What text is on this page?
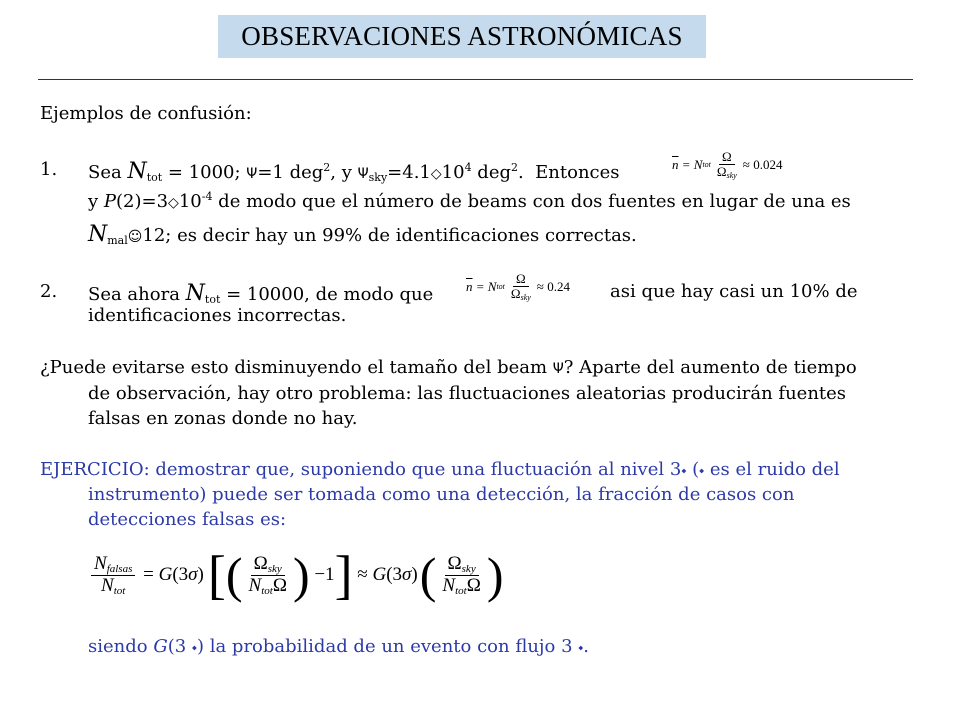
OBSERVACIONES ASTRONÓMICAS
Ejemplos de confusión:
1. Sea $N_{tot} = 1000$; Ψ=1 deg$^2$, y $\Psi_{sky}=4.1◇10^4$ deg$^2$.  Entonces	$\overline{n} = N$ tot $\frac{\Omega}{\Omega_{sky}}$ ≈
0.024
y $P(2)=3◇10^{-4}$ de modo que el número de beams con dos fuentes en lugar de una es
$N_{mal}☺12$; es decir hay un 99% de identificaciones correctas.
2. Sea ahora $N_{tot} = 10000$, de modo que	$\overline{n} = N$ tot $\frac{\Omega}{\Omega_{sky}}$ ≈
0.24 asi que hay casi un 10% de
identificaciones incorrectas.
¿Puede evitarse esto disminuyendo el tamaño del beam Ψ? Aparte del aumento de tiempo
de observación, hay otro problema: las fluctuaciones aleatorias producirán fuentes
falsas en zonas donde no hay.
EJERCICIO: demostrar que, suponiendo que una fluctuación al nivel 3⬩ (⬩ es el ruido del
instrumento) puede ser tomada como una detección, la fracción de casos con
detecciones falsas es:
$\frac{N_{falsas}}{N_{tot}} = G$ (3 σ ) [ ( $\frac{\Omega_{sky}}{N_{tot}\Omega}$ ) −1 ] ≈ G (3 σ ) ( $\frac{\Omega_{sky}}{N_{tot}\Omega}$ )
siendo G(3 ⬩) la probabilidad de un evento con flujo 3 ⬩.
